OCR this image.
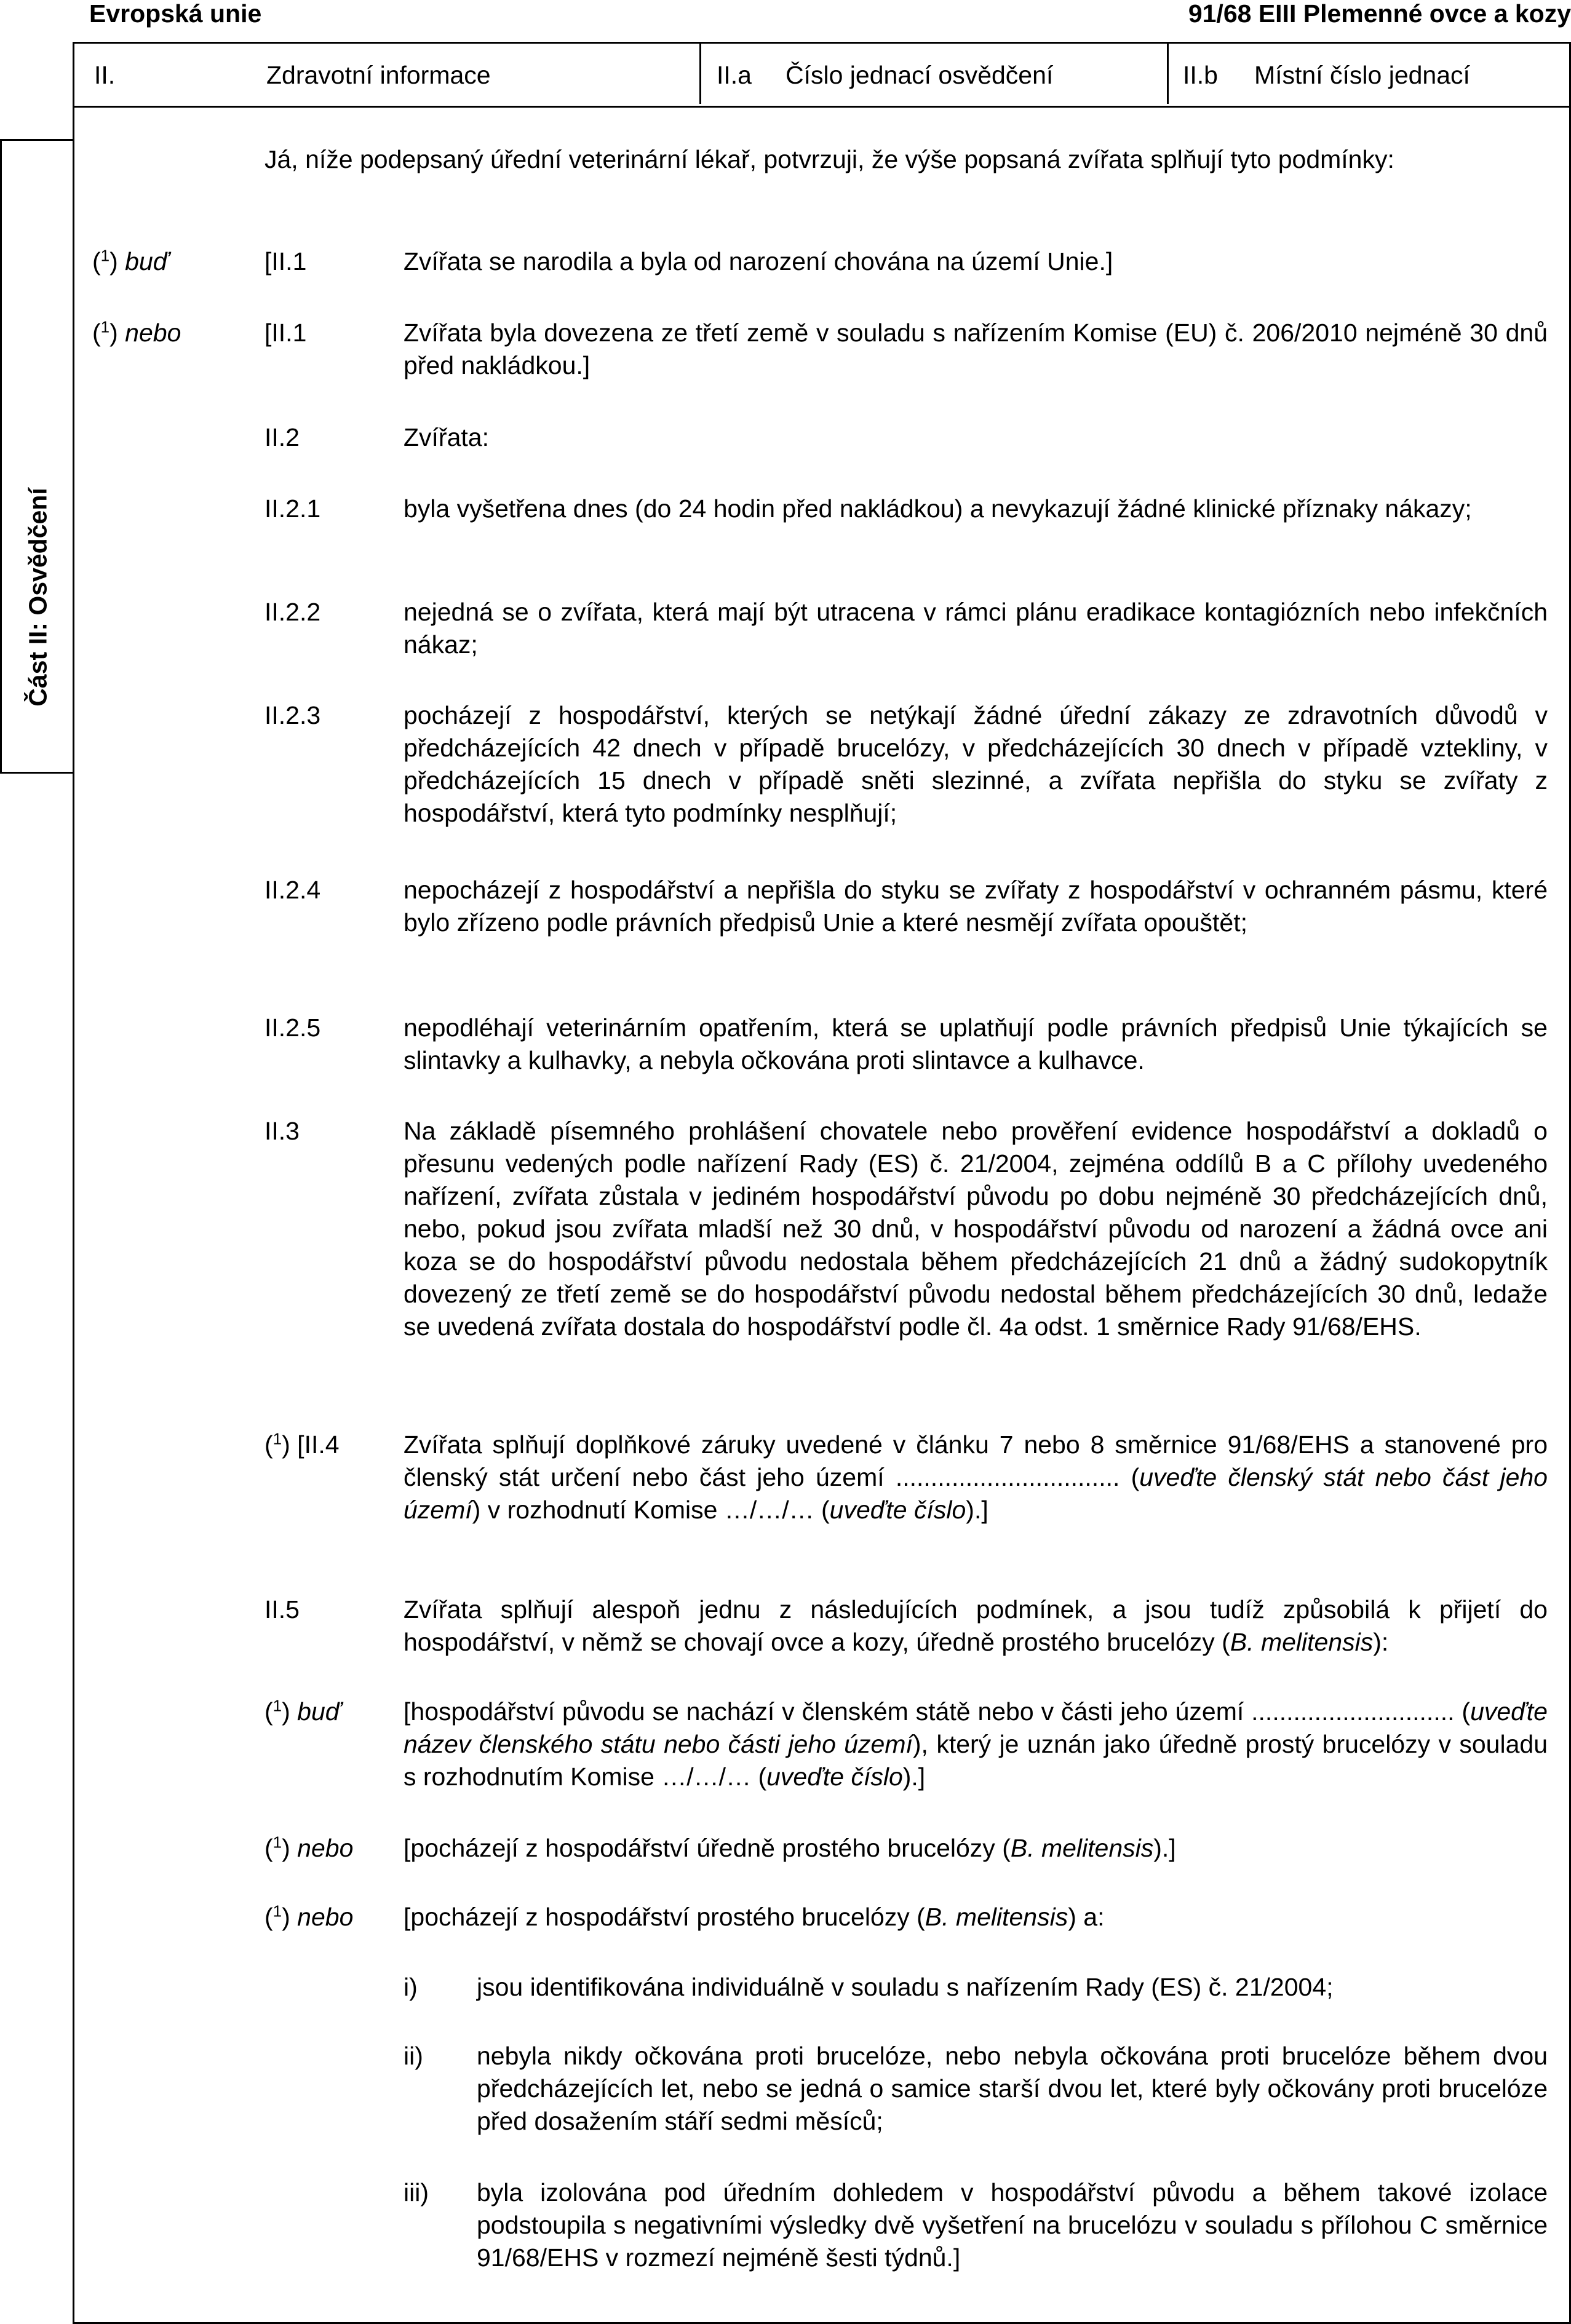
Evropská unie	91/68 EIII Plemenné ovce a kozy
Část II: Osvědčení
II.	Zdravotní informace	II.a Číslo jednací osvědčení	II.b Místní číslo jednací
Já, níže podepsaný úřední veterinární lékař, potvrzuji, že výše popsaná zvířata splňují tyto podmínky:
($^1$) buď	[II.1	Zvířata se narodila a byla od narození chována na území Unie.]
($^1$) nebo	[II.1	Zvířata byla dovezena ze třetí země v souladu s nařízením Komise (EU) č. 206/2010 nejméně 30 dnů před nakládkou.]
II.2	Zvířata:
II.2.1	byla vyšetřena dnes (do 24 hodin před nakládkou) a nevykazují žádné klinické příznaky nákazy;
II.2.2	nejedná se o zvířata, která mají být utracena v rámci plánu eradikace kontagiózních nebo infekčních nákaz;
II.2.3	pocházejí z hospodářství, kterých se netýkají žádné úřední zákazy ze zdravotních důvodů v předcházejících 42 dnech v případě brucelózy, v předcházejících 30 dnech v případě vztekliny, v předcházejících 15 dnech v případě sněti slezinné, a zvířata nepřišla do styku se zvířaty z hospodářství, která tyto podmínky nesplňují;
II.2.4	nepocházejí z hospodářství a nepřišla do styku se zvířaty z hospodářství v ochranném pásmu, které bylo zřízeno podle právních předpisů Unie a které nesmějí zvířata opouštět;
II.2.5	nepodléhají veterinárním opatřením, která se uplatňují podle právních předpisů Unie týkajících se slintavky a kulhavky, a nebyla očkována proti slintavce a kulhavce.
II.3	Na základě písemného prohlášení chovatele nebo prověření evidence hospodářství a dokladů o přesunu vedených podle nařízení Rady (ES) č. 21/2004, zejména oddílů B a C přílohy uvedeného nařízení, zvířata zůstala v jediném hospodářství původu po dobu nejméně 30 předcházejících dnů, nebo, pokud jsou zvířata mladší než 30 dnů, v hospodářství původu od narození a žádná ovce ani koza se do hospodářství původu nedostala během předcházejících 21 dnů a žádný sudokopytník dovezený ze třetí země se do hospodářství původu nedostal během předcházejících 30 dnů, ledaže se uvedená zvířata dostala do hospodářství podle čl. 4a odst. 1 směrnice Rady 91/68/EHS.
($^1$) [II.4	Zvířata splňují doplňkové záruky uvedené v článku 7 nebo 8 směrnice 91/68/EHS a stanovené pro členský stát určení nebo část jeho území ................................ (uveďte členský stát nebo část jeho území) v rozhodnutí Komise …/…/… (uveďte číslo).]
II.5	Zvířata splňují alespoň jednu z následujících podmínek, a jsou tudíž způsobilá k přijetí do hospodářství, v němž se chovají ovce a kozy, úředně prostého brucelózy (B. melitensis):
($^1$) buď [hospodářství původu se nachází v členském státě nebo v části jeho území ............................. (uveďte název členského státu nebo části jeho území), který je uznán jako úředně prostý brucelózy v souladu s rozhodnutím Komise …/…/… (uveďte číslo).]
($^1$) nebo [pocházejí z hospodářství úředně prostého brucelózy (B. melitensis).]
($^1$) nebo [pocházejí z hospodářství prostého brucelózy (B. melitensis) a:
i) jsou identifikována individuálně v souladu s nařízením Rady (ES) č. 21/2004;
ii) nebyla nikdy očkována proti brucelóze, nebo nebyla očkována proti brucelóze během dvou předcházejících let, nebo se jedná o samice starší dvou let, které byly očkovány proti brucelóze před dosažením stáří sedmi měsíců;
iii) byla izolována pod úředním dohledem v hospodářství původu a během takové izolace podstoupila s negativními výsledky dvě vyšetření na brucelózu v souladu s přílohou C směrnice 91/68/EHS v rozmezí nejméně šesti týdnů.]
